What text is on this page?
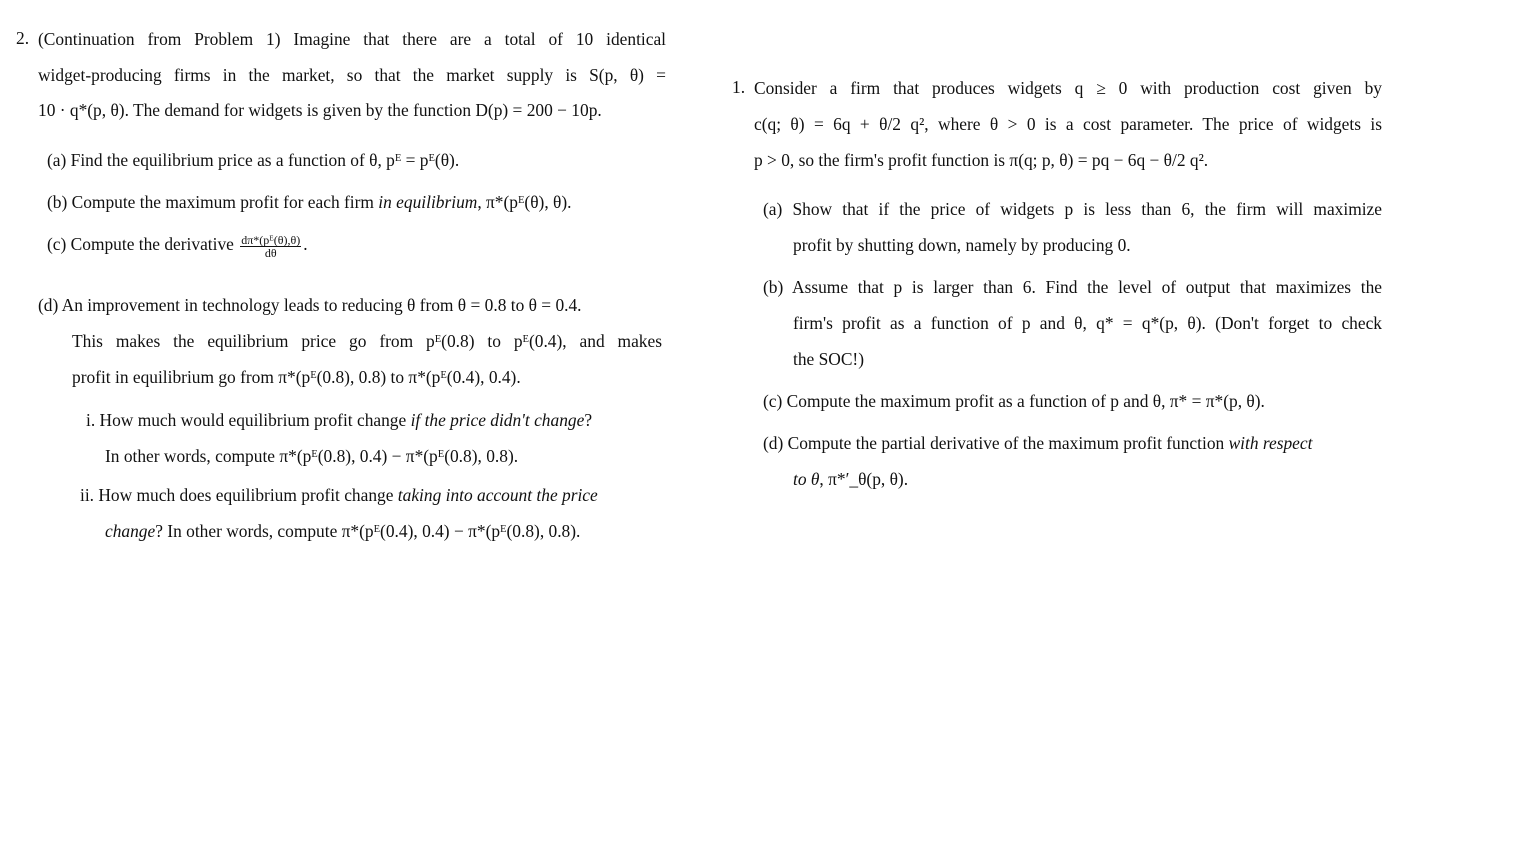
2. (Continuation from Problem 1) Imagine that there are a total of 10 identical
widget-producing firms in the market, so that the market supply is S(p, θ) =
10 · q*(p, θ). The demand for widgets is given by the function D(p) = 200 − 10p.
(a) Find the equilibrium price as a function of θ, pᴱ = pᴱ(θ).
(b) Compute the maximum profit for each firm in equilibrium, π*(pᴱ(θ), θ).
(c) Compute the derivative $\frac{\text{dπ*(pᴱ(θ),θ)}}{d\theta}$ .
(d) An improvement in technology leads to reducing θ from θ = 0.8 to θ = 0.4.
This makes the equilibrium price go from pᴱ(0.8) to pᴱ(0.4), and makes
profit in equilibrium go from π*(pᴱ(0.8), 0.8) to π*(pᴱ(0.4), 0.4).
i. How much would equilibrium profit change if the price didn't change?
In other words, compute π*(pᴱ(0.8), 0.4) − π*(pᴱ(0.8), 0.8).
ii. How much does equilibrium profit change taking into account the price
change? In other words, compute π*(pᴱ(0.4), 0.4) − π*(pᴱ(0.8), 0.8).
1. Consider a firm that produces widgets q ≥ 0 with production cost given by
c(q; θ) = 6q + θ/2 q², where θ > 0 is a cost parameter. The price of widgets is
p > 0, so the firm's profit function is π(q; p, θ) = pq − 6q − θ/2 q².
(a) Show that if the price of widgets p is less than 6, the firm will maximize
profit by shutting down, namely by producing 0.
(b) Assume that p is larger than 6. Find the level of output that maximizes the
firm's profit as a function of p and θ, q* = q*(p, θ). (Don't forget to check
the SOC!)
(c) Compute the maximum profit as a function of p and θ, π* = π*(p, θ).
(d) Compute the partial derivative of the maximum profit function with respect
to θ, π*′_θ(p, θ).
